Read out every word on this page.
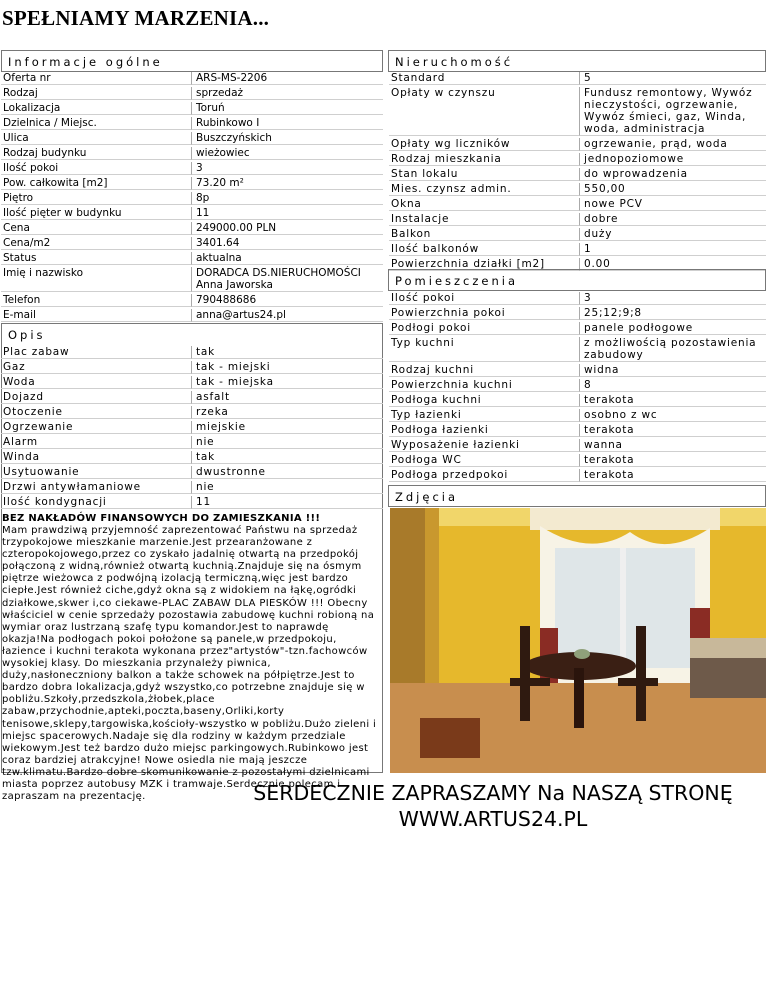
SPEŁNIAMY MARZENIA...
Informacje ogólne
Oferta nr	ARS-MS-2206
Rodzaj	sprzedaż
Lokalizacja	Toruń
Dzielnica / Miejsc.	Rubinkowo I
Ulica	Buszczyńskich
Rodzaj budynku	wieżowiec
Ilość pokoi	3
Pow. całkowita [m2]	73.20 m²
Piętro	8p
Ilość pięter w budynku	11
Cena	249000.00 PLN
Cena/m2	3401.64
Status	aktualna
Imię i nazwisko	DORADCA DS.NIERUCHOMOŚCI
Anna Jaworska

Telefon	790488686
E-mail	anna@artus24.pl
Opis
Plac zabaw	tak
Gaz	tak - miejski
Woda	tak - miejska
Dojazd	asfalt
Otoczenie	rzeka
Ogrzewanie	miejskie
Alarm	nie
Winda	tak
Usytuowanie	dwustronne
Drzwi antywłamaniowe	nie
Ilość kondygnacji	11
BEZ NAKŁADÓW FINANSOWYCH DO ZAMIESZKANIA !!!
Mam prawdziwą przyjemność zaprezentować Państwu na sprzedaż trzypokojowe mieszkanie marzenie.Jest przearanżowane z czteropokojowego,przez co zyskało jadalnię otwartą na przedpokój połączoną z widną,również otwartą kuchnią.Znajduje się na ósmym piętrze wieżowca z podwójną izolacją termiczną,więc jest bardzo ciepłe.Jest również ciche,gdyż okna są z widokiem na łąkę,ogródki działkowe,skwer i,co ciekawe-PLAC ZABAW DLA PIESKÓW !!! Obecny właściciel w cenie sprzedaży pozostawia zabudowę kuchni robioną na wymiar oraz lustrzaną szafę typu komandor.Jest to naprawdę okazja!Na podłogach pokoi położone są panele,w przedpokoju, łazience i kuchni terakota wykonana przez"artystów"-tzn.fachowców wysokiej klasy. Do mieszkania przynależy piwnica, duży,nasłoneczniony balkon a także schowek na półpiętrze.Jest to bardzo dobra lokalizacja,gdyż wszystko,co potrzebne znajduje się w pobliżu.Szkoły,przedszkola,żłobek,place zabaw,przychodnie,apteki,poczta,baseny,Orliki,korty tenisowe,sklepy,targowiska,kościoły-wszystko w pobliżu.Dużo zieleni i miejsc spacerowych.Nadaje się dla rodziny w każdym przedziale wiekowym.Jest też bardzo dużo miejsc parkingowych.Rubinkowo jest coraz bardziej atrakcyjne! Nowe osiedla nie mają jeszcze tzw.klimatu.Bardzo dobre skomunikowanie z pozostałymi dzielnicami miasta poprzez autobusy MZK i tramwaje.Serdecznie polecam i zapraszam na prezentację.
Nieruchomość
Standard	5
Opłaty w czynszu	Fundusz remontowy, Wywóz nieczystości, ogrzewanie, Wywóz śmieci, gaz, Winda, woda, administracja
Opłaty wg liczników	ogrzewanie, prąd, woda
Rodzaj mieszkania	jednopoziomowe
Stan lokalu	do wprowadzenia
Mies. czynsz admin.	550,00
Okna	nowe PCV
Instalacje	dobre
Balkon	duży
Ilość balkonów	1
Powierzchnia działki [m2]	0.00
Pomieszczenia
Ilość pokoi	3
Powierzchnia pokoi	25;12;9;8
Podłogi pokoi	panele podłogowe
Typ kuchni	z możliwością pozostawienia zabudowy
Rodzaj kuchni	widna
Powierzchnia kuchni	8
Podłoga kuchni	terakota
Typ łazienki	osobno z wc
Podłoga łazienki	terakota
Wyposażenie łazienki	wanna
Podłoga WC	terakota
Podłoga przedpokoi	terakota
Zdjęcia
SERDECZNIE ZAPRASZAMY Na NASZĄ STRONĘ
WWW.ARTUS24.PL
